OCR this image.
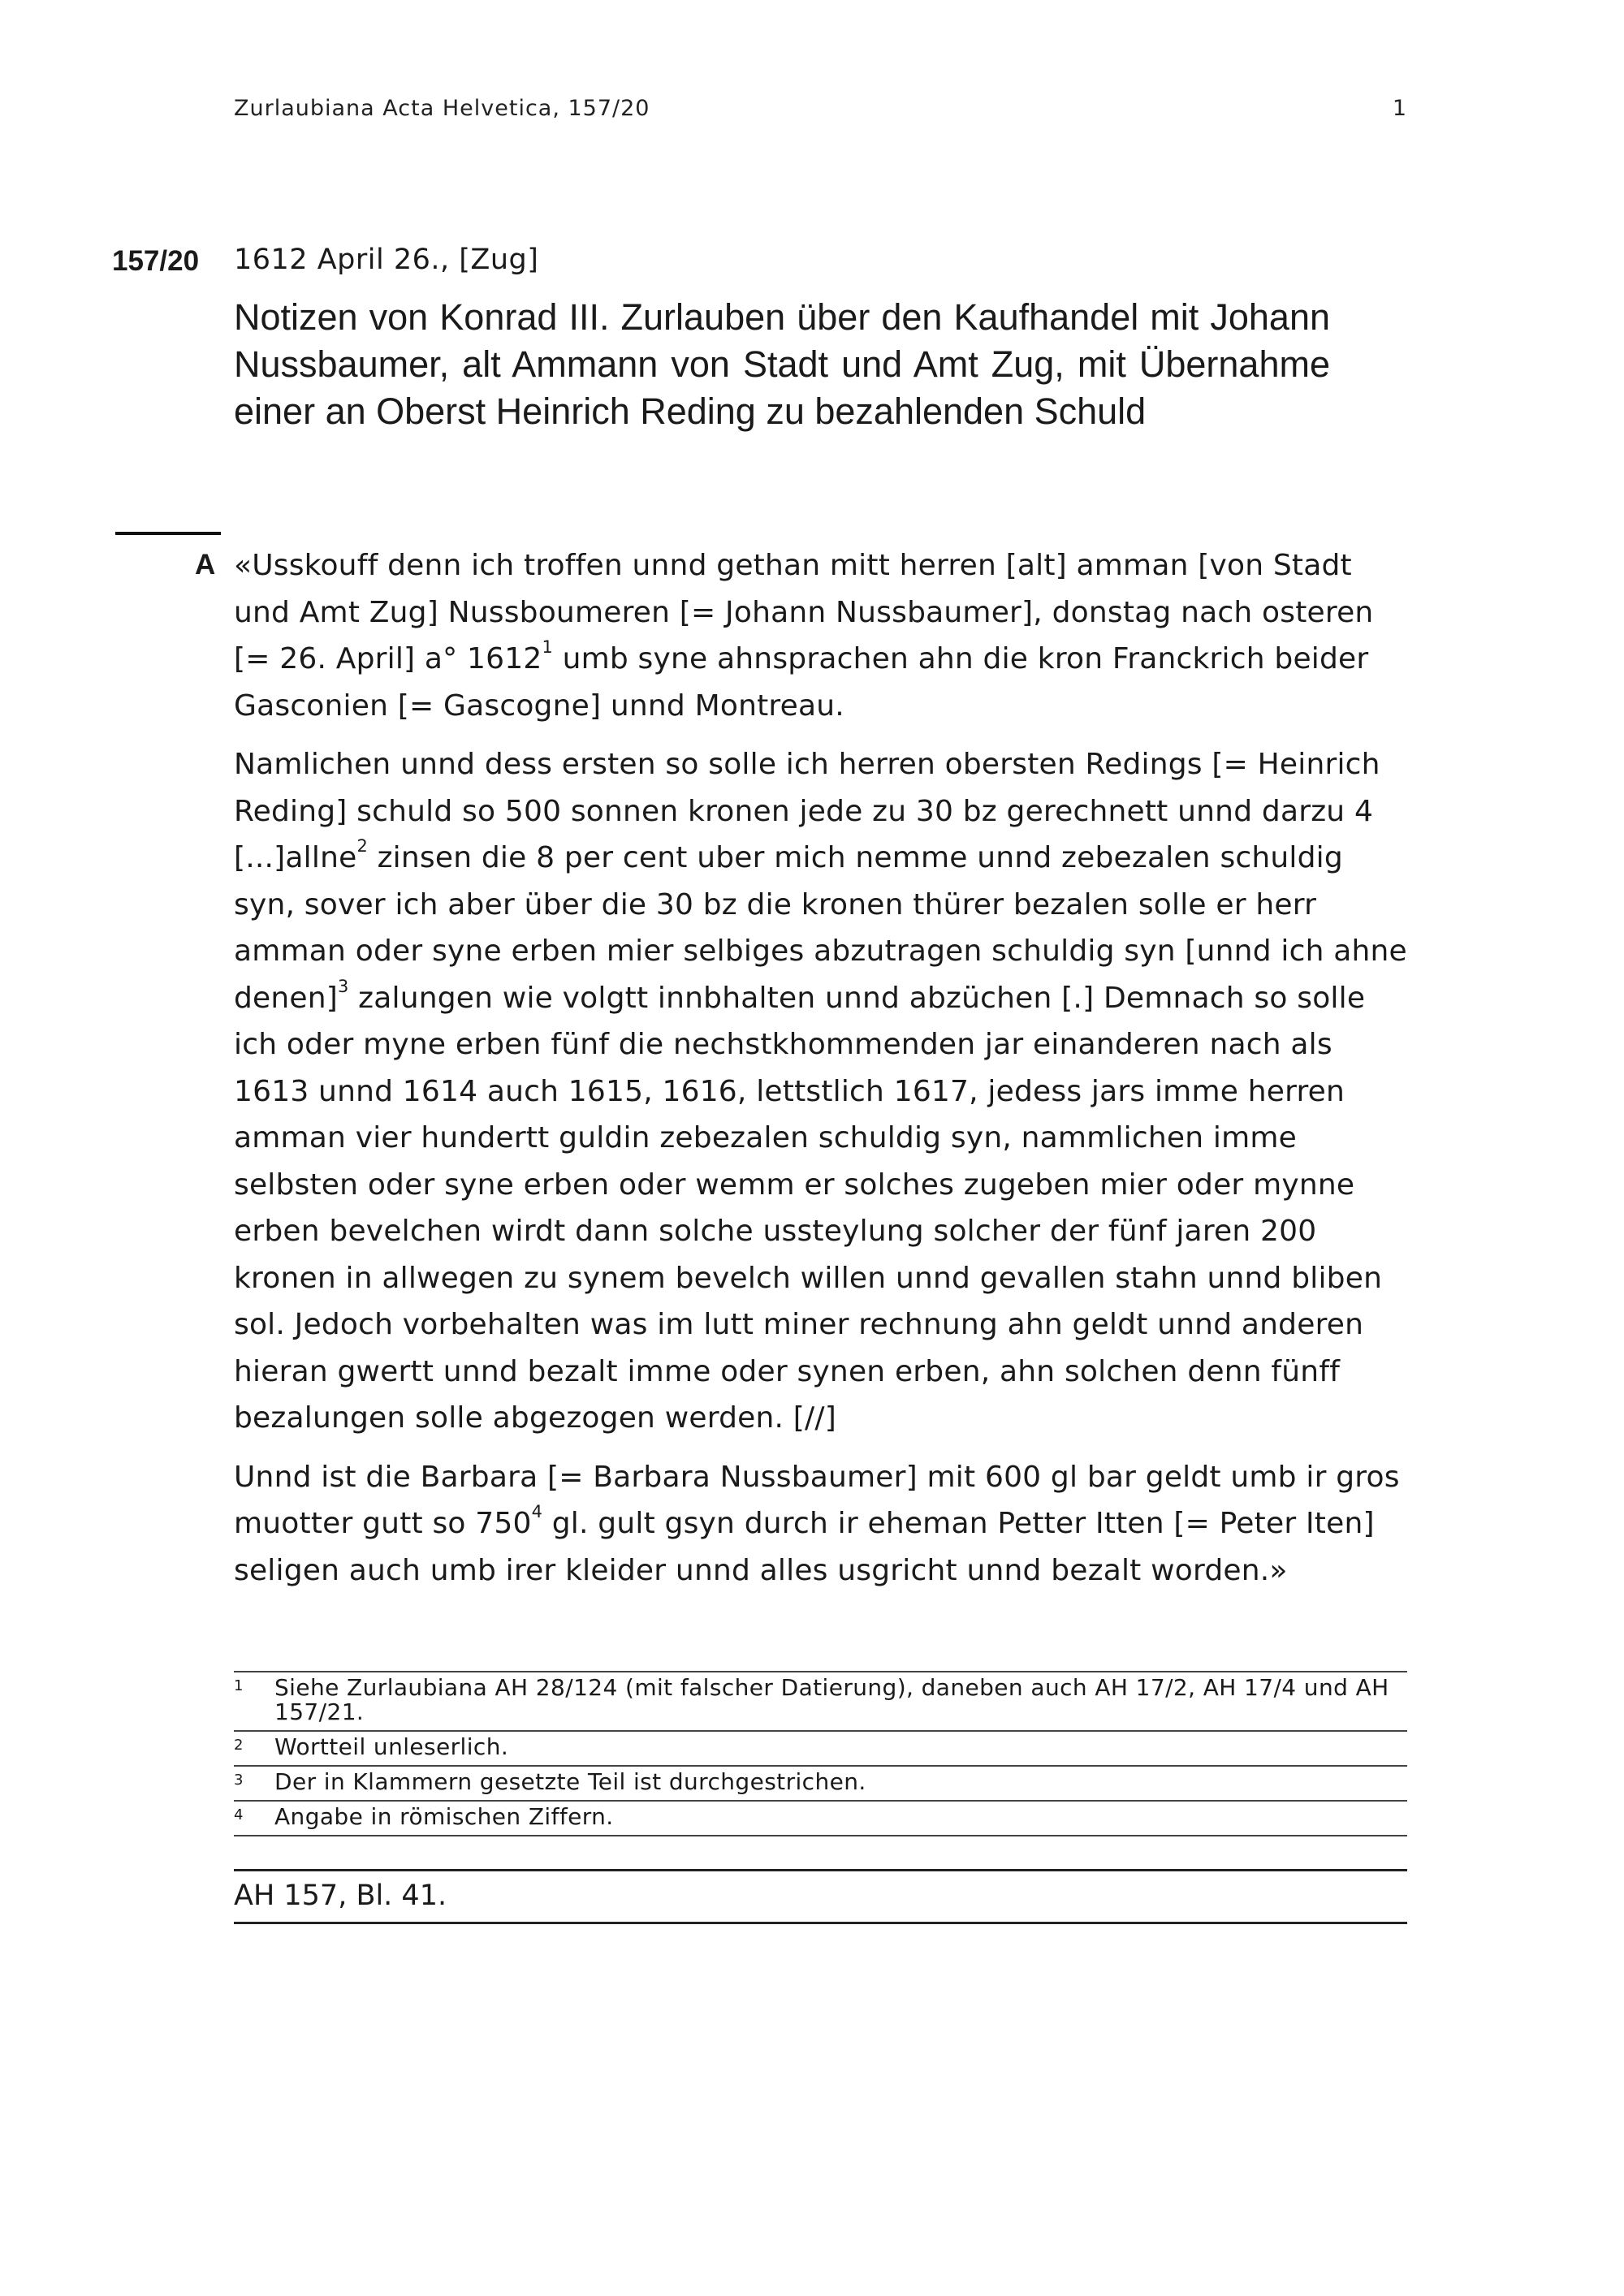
Zurlaubiana Acta Helvetica, 157/20	1
157/20 1612 April 26., [Zug]
Notizen von Konrad III. Zurlauben über den Kaufhandel mit Johann Nussbaumer, alt Ammann von Stadt und Amt Zug, mit Übernahme einer an Oberst Heinrich Reding zu bezahlenden Schuld
A «Usskouff denn ich troffen unnd gethan mitt herren [alt] amman [von Stadt und Amt Zug] Nussboumeren [= Johann Nussbaumer], donstag nach osteren [= 26. April] a° 1612$^1$ umb syne ahnsprachen ahn die kron Franckrich beider Gasconien [= Gascogne] unnd Montreau.

Namlichen unnd dess ersten so solle ich herren obersten Redings [= Heinrich Reding] schuld so 500 sonnen kronen jede zu 30 bz gerechnett unnd darzu 4 [...]allne$^2$ zinsen die 8 per cent uber mich nemme unnd zebezalen schuldig syn, sover ich aber über die 30 bz die kronen thürer bezalen solle er herr amman oder syne erben mier selbiges abzutragen schuldig syn [unnd ich ahne denen]$^3$ zalungen wie volgtt innbhalten unnd abzüchen [.] Demnach so solle ich oder myne erben fünf die nechstkhommenden jar einanderen nach als 1613 unnd 1614 auch 1615, 1616, lettstlich 1617, jedess jars imme herren amman vier hundertt guldin zebezalen schuldig syn, nammlichen imme selbsten oder syne erben oder wemm er solches zugeben mier oder mynne erben bevelchen wirdt dann solche ussteylung solcher der fünf jaren 200 kronen in allwegen zu synem bevelch willen unnd gevallen stahn unnd bliben sol. Jedoch vorbehalten was im lutt miner rechnung ahn geldt unnd anderen hieran gwertt unnd bezalt imme oder synen erben, ahn solchen denn fünff bezalungen solle abgezogen werden. [//]

Unnd ist die Barbara [= Barbara Nussbaumer] mit 600 gl bar geldt umb ir gros muotter gutt so $750^4$ gl. gult gsyn durch ir eheman Petter Itten [= Peter Iten] seligen auch umb irer kleider unnd alles usgricht unnd bezalt worden.»

1 Siehe Zurlaubiana AH 28/124 (mit falscher Datierung), daneben auch AH 17/2, AH 17/4 und AH 157/21.
2 Wortteil unleserlich.
3 Der in Klammern gesetzte Teil ist durchgestrichen.
4 Angabe in römischen Ziffern.
AH 157, Bl. 41.
